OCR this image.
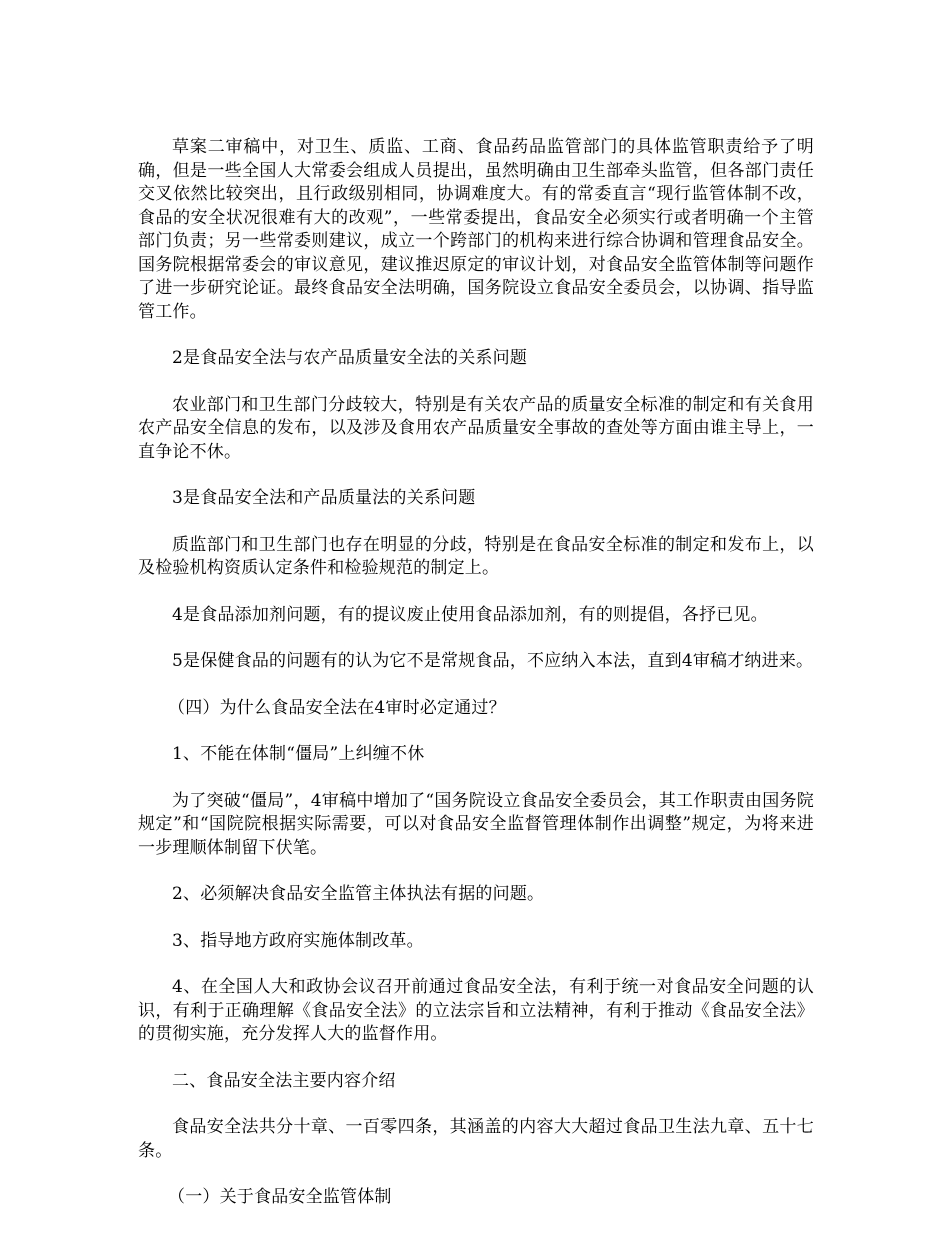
草案二审稿中，对卫生、质监、工商、食品药品监管部门的具体监管职责给予了明确，但是一些全国人大常委会组成人员提出，虽然明确由卫生部牵头监管，但各部门责任交叉依然比较突出，且行政级别相同，协调难度大。有的常委直言“现行监管体制不改，食品的安全状况很难有大的改观”，一些常委提出，食品安全必须实行或者明确一个主管部门负责；另一些常委则建议，成立一个跨部门的机构来进行综合协调和管理食品安全。国务院根据常委会的审议意见，建议推迟原定的审议计划，对食品安全监管体制等问题作了进一步研究论证。最终食品安全法明确，国务院设立食品安全委员会，以协调、指导监管工作。

2是食品安全法与农产品质量安全法的关系问题

农业部门和卫生部门分歧较大，特别是有关农产品的质量安全标准的制定和有关食用农产品安全信息的发布，以及涉及食用农产品质量安全事故的查处等方面由谁主导上，一直争论不休。

3是食品安全法和产品质量法的关系问题

质监部门和卫生部门也存在明显的分歧，特别是在食品安全标准的制定和发布上，以及检验机构资质认定条件和检验规范的制定上。

4是食品添加剂问题，有的提议废止使用食品添加剂，有的则提倡，各抒已见。

5是保健食品的问题有的认为它不是常规食品，不应纳入本法，直到4审稿才纳进来。

（四）为什么食品安全法在4审时必定通过？

1、不能在体制“僵局”上纠缠不休

为了突破“僵局”，4审稿中增加了“国务院设立食品安全委员会，其工作职责由国务院规定”和“国院院根据实际需要，可以对食品安全监督管理体制作出调整”规定，为将来进一步理顺体制留下伏笔。

2、必须解决食品安全监管主体执法有据的问题。

3、指导地方政府实施体制改革。

4、在全国人大和政协会议召开前通过食品安全法，有利于统一对食品安全问题的认识，有利于正确理解《食品安全法》的立法宗旨和立法精神，有利于推动《食品安全法》的贯彻实施，充分发挥人大的监督作用。

二、食品安全法主要内容介绍

食品安全法共分十章、一百零四条，其涵盖的内容大大超过食品卫生法九章、五十七条。

（一）关于食品安全监管体制
